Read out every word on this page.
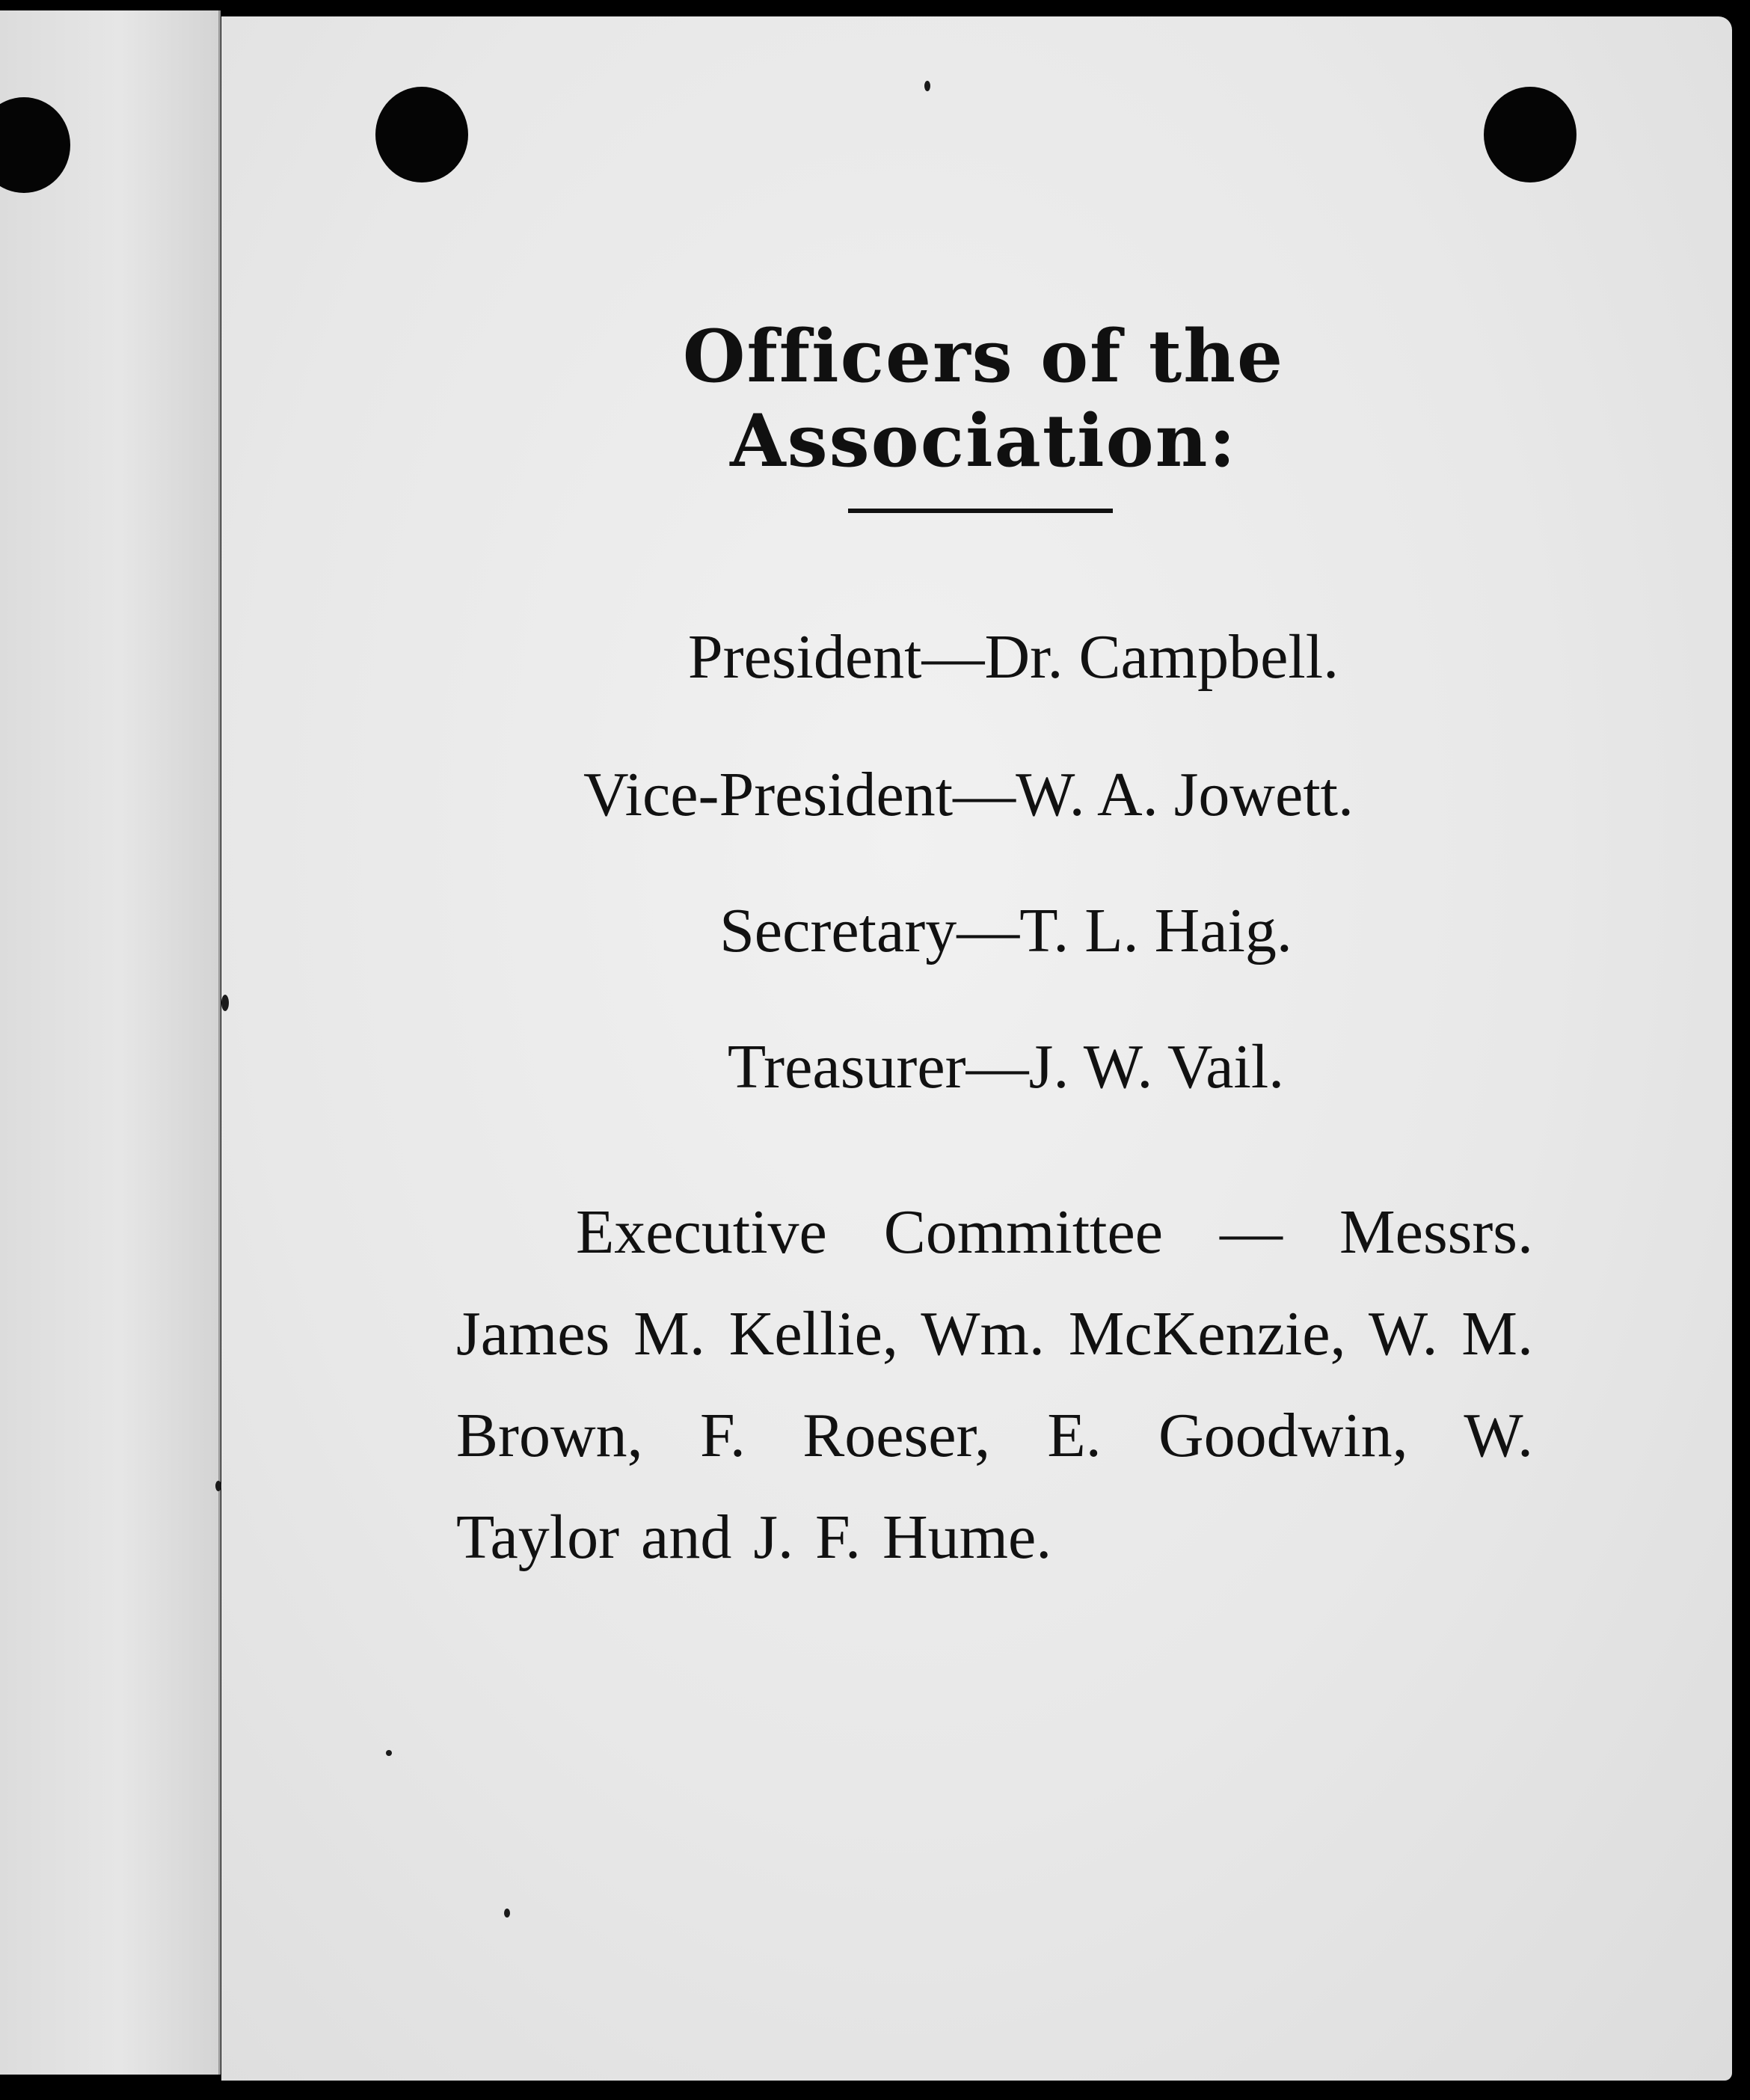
Officers of the Association:
President—Dr. Campbell.
Vice-President—W. A. Jowett.
Secretary—T. L. Haig.
Treasurer—J. W. Vail.
Executive Committee — Messrs. James M. Kellie, Wm. McKenzie, W. M. Brown, F. Roeser, E. Goodwin, W. Taylor and J. F. Hume.
